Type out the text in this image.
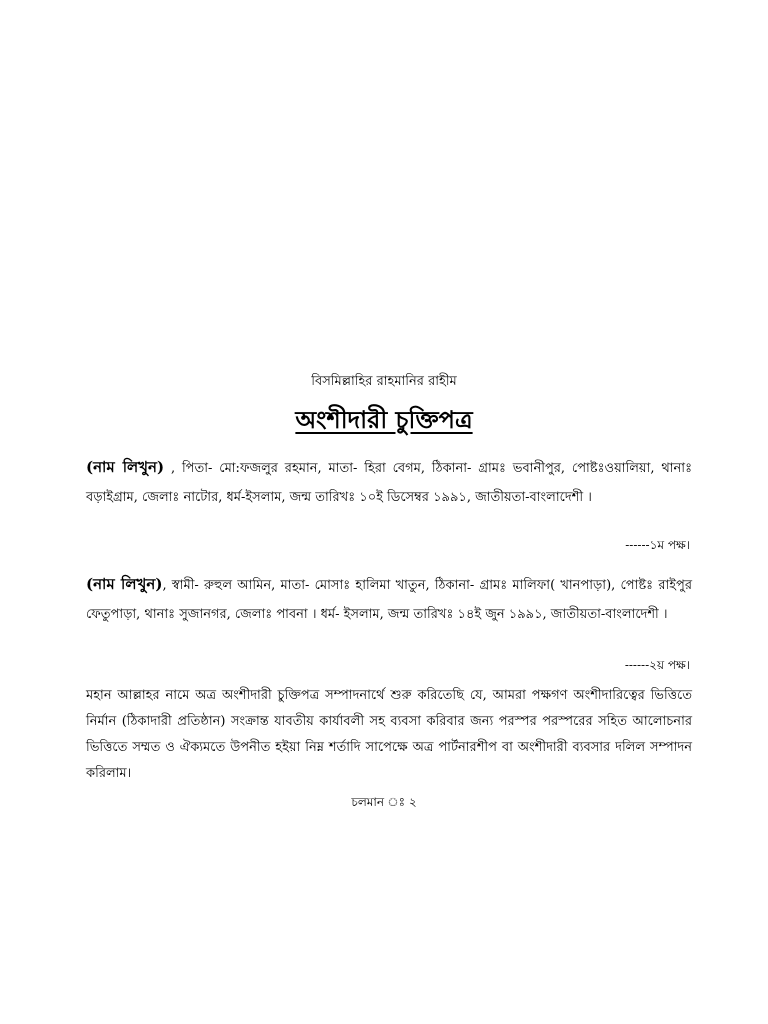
বিসমিল্লাহির রাহমানির রাহীম
অংশীদারী চুক্তিপত্র
(নাম লিখুন) , পিতা- মো:ফজলুর রহমান, মাতা- হিরা বেগম, ঠিকানা- গ্রামঃ ভবানীপুর, পোষ্টঃওয়ালিয়া, থানাঃ বড়াইগ্রাম, জেলাঃ নাটোর, ধর্ম-ইসলাম, জন্ম তারিখঃ ১০ই ডিসেম্বর ১৯৯১, জাতীয়তা-বাংলাদেশী ।
------১ম পক্ষ।
(নাম লিখুন), স্বামী- রুহুল আমিন, মাতা- মোসাঃ হালিমা খাতুন, ঠিকানা- গ্রামঃ মালিফা( খানপাড়া), পোষ্টঃ রাইপুর ফেতুপাড়া, থানাঃ সুজানগর, জেলাঃ পাবনা । ধর্ম- ইসলাম, জন্ম তারিখঃ ১৪ই জুন ১৯৯১, জাতীয়তা-বাংলাদেশী ।
------২য় পক্ষ।
মহান আল্লাহর নামে অত্র অংশীদারী চুক্তিপত্র সম্পাদনার্থে শুরু করিতেছি যে, আমরা পক্ষগণ অংশীদারিত্বের ভিত্তিতে নির্মান (ঠিকাদারী প্রতিষ্ঠান) সংক্রান্ত যাবতীয় কার্যাবলী সহ ব্যবসা করিবার জন্য পরস্পর পরস্পরের সহিত আলোচনার ভিত্তিতে সম্মত ও ঐক্যমতে উপনীত হইয়া নিম্ন শর্তাদি সাপেক্ষে অত্র পার্টনারশীপ বা অংশীদারী ব্যবসার দলিল সম্পাদন করিলাম।
চলমান ঃ ২
